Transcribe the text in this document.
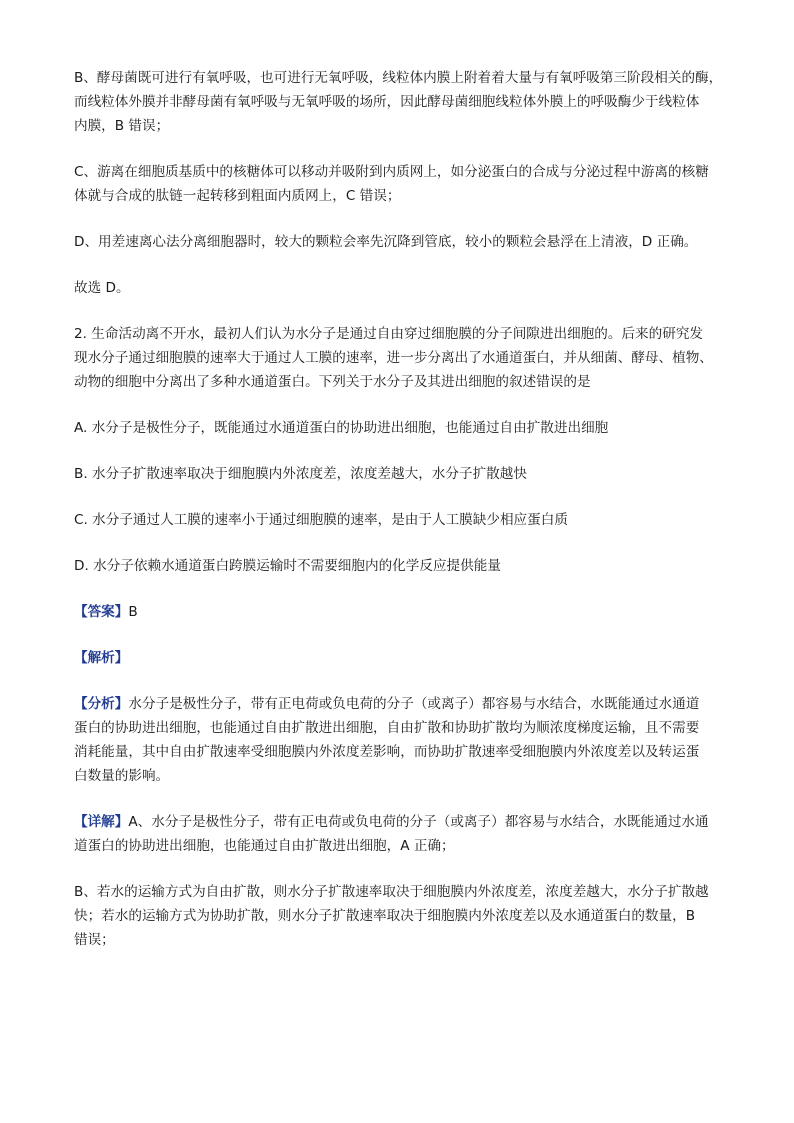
B、酵母菌既可进行有氧呼吸，也可进行无氧呼吸，线粒体内膜上附着着大量与有氧呼吸第三阶段相关的酶，
而线粒体外膜并非酵母菌有氧呼吸与无氧呼吸的场所，因此酵母菌细胞线粒体外膜上的呼吸酶少于线粒体
内膜，B 错误；
C、游离在细胞质基质中的核糖体可以移动并吸附到内质网上，如分泌蛋白的合成与分泌过程中游离的核糖
体就与合成的肽链一起转移到粗面内质网上，C 错误；
D、用差速离心法分离细胞器时，较大的颗粒会率先沉降到管底，较小的颗粒会悬浮在上清液，D 正确。
故选 D。
2. 生命活动离不开水，最初人们认为水分子是通过自由穿过细胞膜的分子间隙进出细胞的。后来的研究发
现水分子通过细胞膜的速率大于通过人工膜的速率，进一步分离出了水通道蛋白，并从细菌、酵母、植物、
动物的细胞中分离出了多种水通道蛋白。下列关于水分子及其进出细胞的叙述错误的是
A. 水分子是极性分子，既能通过水通道蛋白的协助进出细胞，也能通过自由扩散进出细胞
B. 水分子扩散速率取决于细胞膜内外浓度差，浓度差越大，水分子扩散越快
C. 水分子通过人工膜的速率小于通过细胞膜的速率，是由于人工膜缺少相应蛋白质
D. 水分子依赖水通道蛋白跨膜运输时不需要细胞内的化学反应提供能量
【答案】B
【解析】
【分析】水分子是极性分子，带有正电荷或负电荷的分子（或离子）都容易与水结合，水既能通过水通道
蛋白的协助进出细胞，也能通过自由扩散进出细胞，自由扩散和协助扩散均为顺浓度梯度运输，且不需要
消耗能量，其中自由扩散速率受细胞膜内外浓度差影响，而协助扩散速率受细胞膜内外浓度差以及转运蛋
白数量的影响。
【详解】A、水分子是极性分子，带有正电荷或负电荷的分子（或离子）都容易与水结合，水既能通过水通
道蛋白的协助进出细胞，也能通过自由扩散进出细胞，A 正确；
B、若水的运输方式为自由扩散，则水分子扩散速率取决于细胞膜内外浓度差，浓度差越大，水分子扩散越
快；若水的运输方式为协助扩散，则水分子扩散速率取决于细胞膜内外浓度差以及水通道蛋白的数量，B
错误；
